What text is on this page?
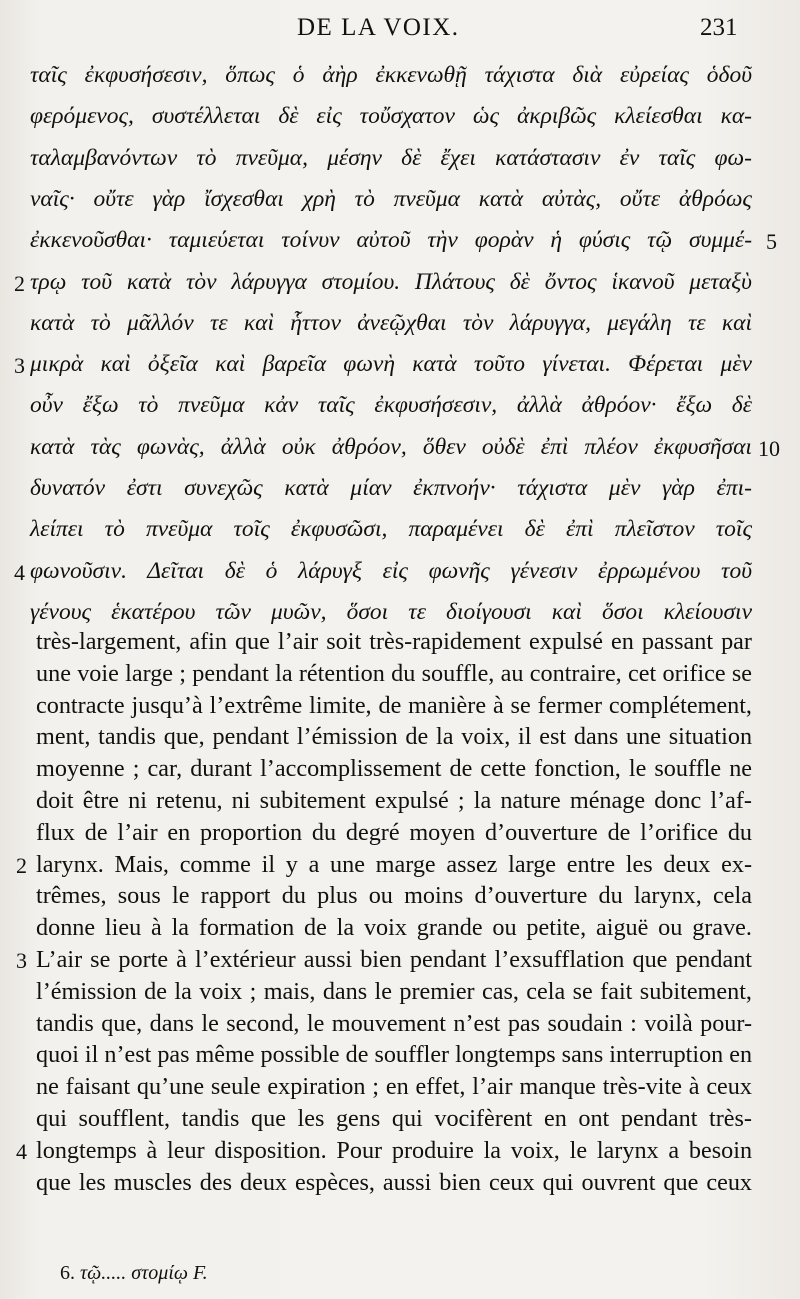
DE LA VOIX.	231
ταῖς ἐκφυσήσεσιν, ὅπως ὁ ἀὴρ ἐκκενωθῇ τάχιστα διὰ εὐρείας ὁδοῦ
φερόμενος, συστέλλεται δὲ εἰς τοὔσχατον ὡς ἀκριβῶς κλείεσθαι κα-
ταλαμβανόντων τὸ πνεῦμα, μέσην δὲ ἔχει κατάστασιν ἐν ταῖς φω-
ναῖς· οὔτε γὰρ ἴσχεσθαι χρὴ τὸ πνεῦμα κατὰ αὐτὰς, οὔτε ἀθρόως
ἐκκενοῦσθαι· ταμιεύεται τοίνυν αὐτοῦ τὴν φορὰν ἡ φύσις τῷ συμμέ-
τρῳ τοῦ κατὰ τὸν λάρυγγα στομίου. Πλάτους δὲ ὄντος ἱκανοῦ μεταξὺ
κατὰ τὸ μᾶλλόν τε καὶ ἧττον ἀνεῷχθαι τὸν λάρυγγα, μεγάλη τε καὶ
μικρὰ καὶ ὀξεῖα καὶ βαρεῖα φωνὴ κατὰ τοῦτο γίνεται. Φέρεται μὲν
οὖν ἔξω τὸ πνεῦμα κἀν ταῖς ἐκφυσήσεσιν, ἀλλὰ ἀθρόον· ἔξω δὲ
κατὰ τὰς φωνὰς, ἀλλὰ οὐκ ἀθρόον, ὅθεν οὐδὲ ἐπὶ πλέον ἐκφυσῆσαι
δυνατόν ἐστι συνεχῶς κατὰ μίαν ἐκπνοήν· τάχιστα μὲν γὰρ ἐπι-
λείπει τὸ πνεῦμα τοῖς ἐκφυσῶσι, παραμένει δὲ ἐπὶ πλεῖστον τοῖς
φωνοῦσιν. Δεῖται δὲ ὁ λάρυγξ εἰς φωνῆς γένεσιν ἐρρωμένου τοῦ
γένους ἑκατέρου τῶν μυῶν, ὅσοι τε διοίγουσι καὶ ὅσοι κλείουσιν
5
2
3
10
4
très-largement, afin que l’air soit très-rapidement expulsé en passant par
une voie large ; pendant la rétention du souffle, au contraire, cet orifice se
contracte jusqu’à l’extrême limite, de manière à se fermer complétement,
ment, tandis que, pendant l’émission de la voix, il est dans une situation
moyenne ; car, durant l’accomplissement de cette fonction, le souffle ne
doit être ni retenu, ni subitement expulsé ; la nature ménage donc l’af-
flux de l’air en proportion du degré moyen d’ouverture de l’orifice du
larynx. Mais, comme il y a une marge assez large entre les deux ex-
trêmes, sous le rapport du plus ou moins d’ouverture du larynx, cela
donne lieu à la formation de la voix grande ou petite, aiguë ou grave.
L’air se porte à l’extérieur aussi bien pendant l’exsufflation que pendant
l’émission de la voix ; mais, dans le premier cas, cela se fait subitement,
tandis que, dans le second, le mouvement n’est pas soudain : voilà pour-
quoi il n’est pas même possible de souffler longtemps sans interruption en
ne faisant qu’une seule expiration ; en effet, l’air manque très-vite à ceux
qui soufflent, tandis que les gens qui vocifèrent en ont pendant très-
longtemps à leur disposition. Pour produire la voix, le larynx a besoin
que les muscles des deux espèces, aussi bien ceux qui ouvrent que ceux
2
3
4
6. τῷ..... στομίῳ F.
